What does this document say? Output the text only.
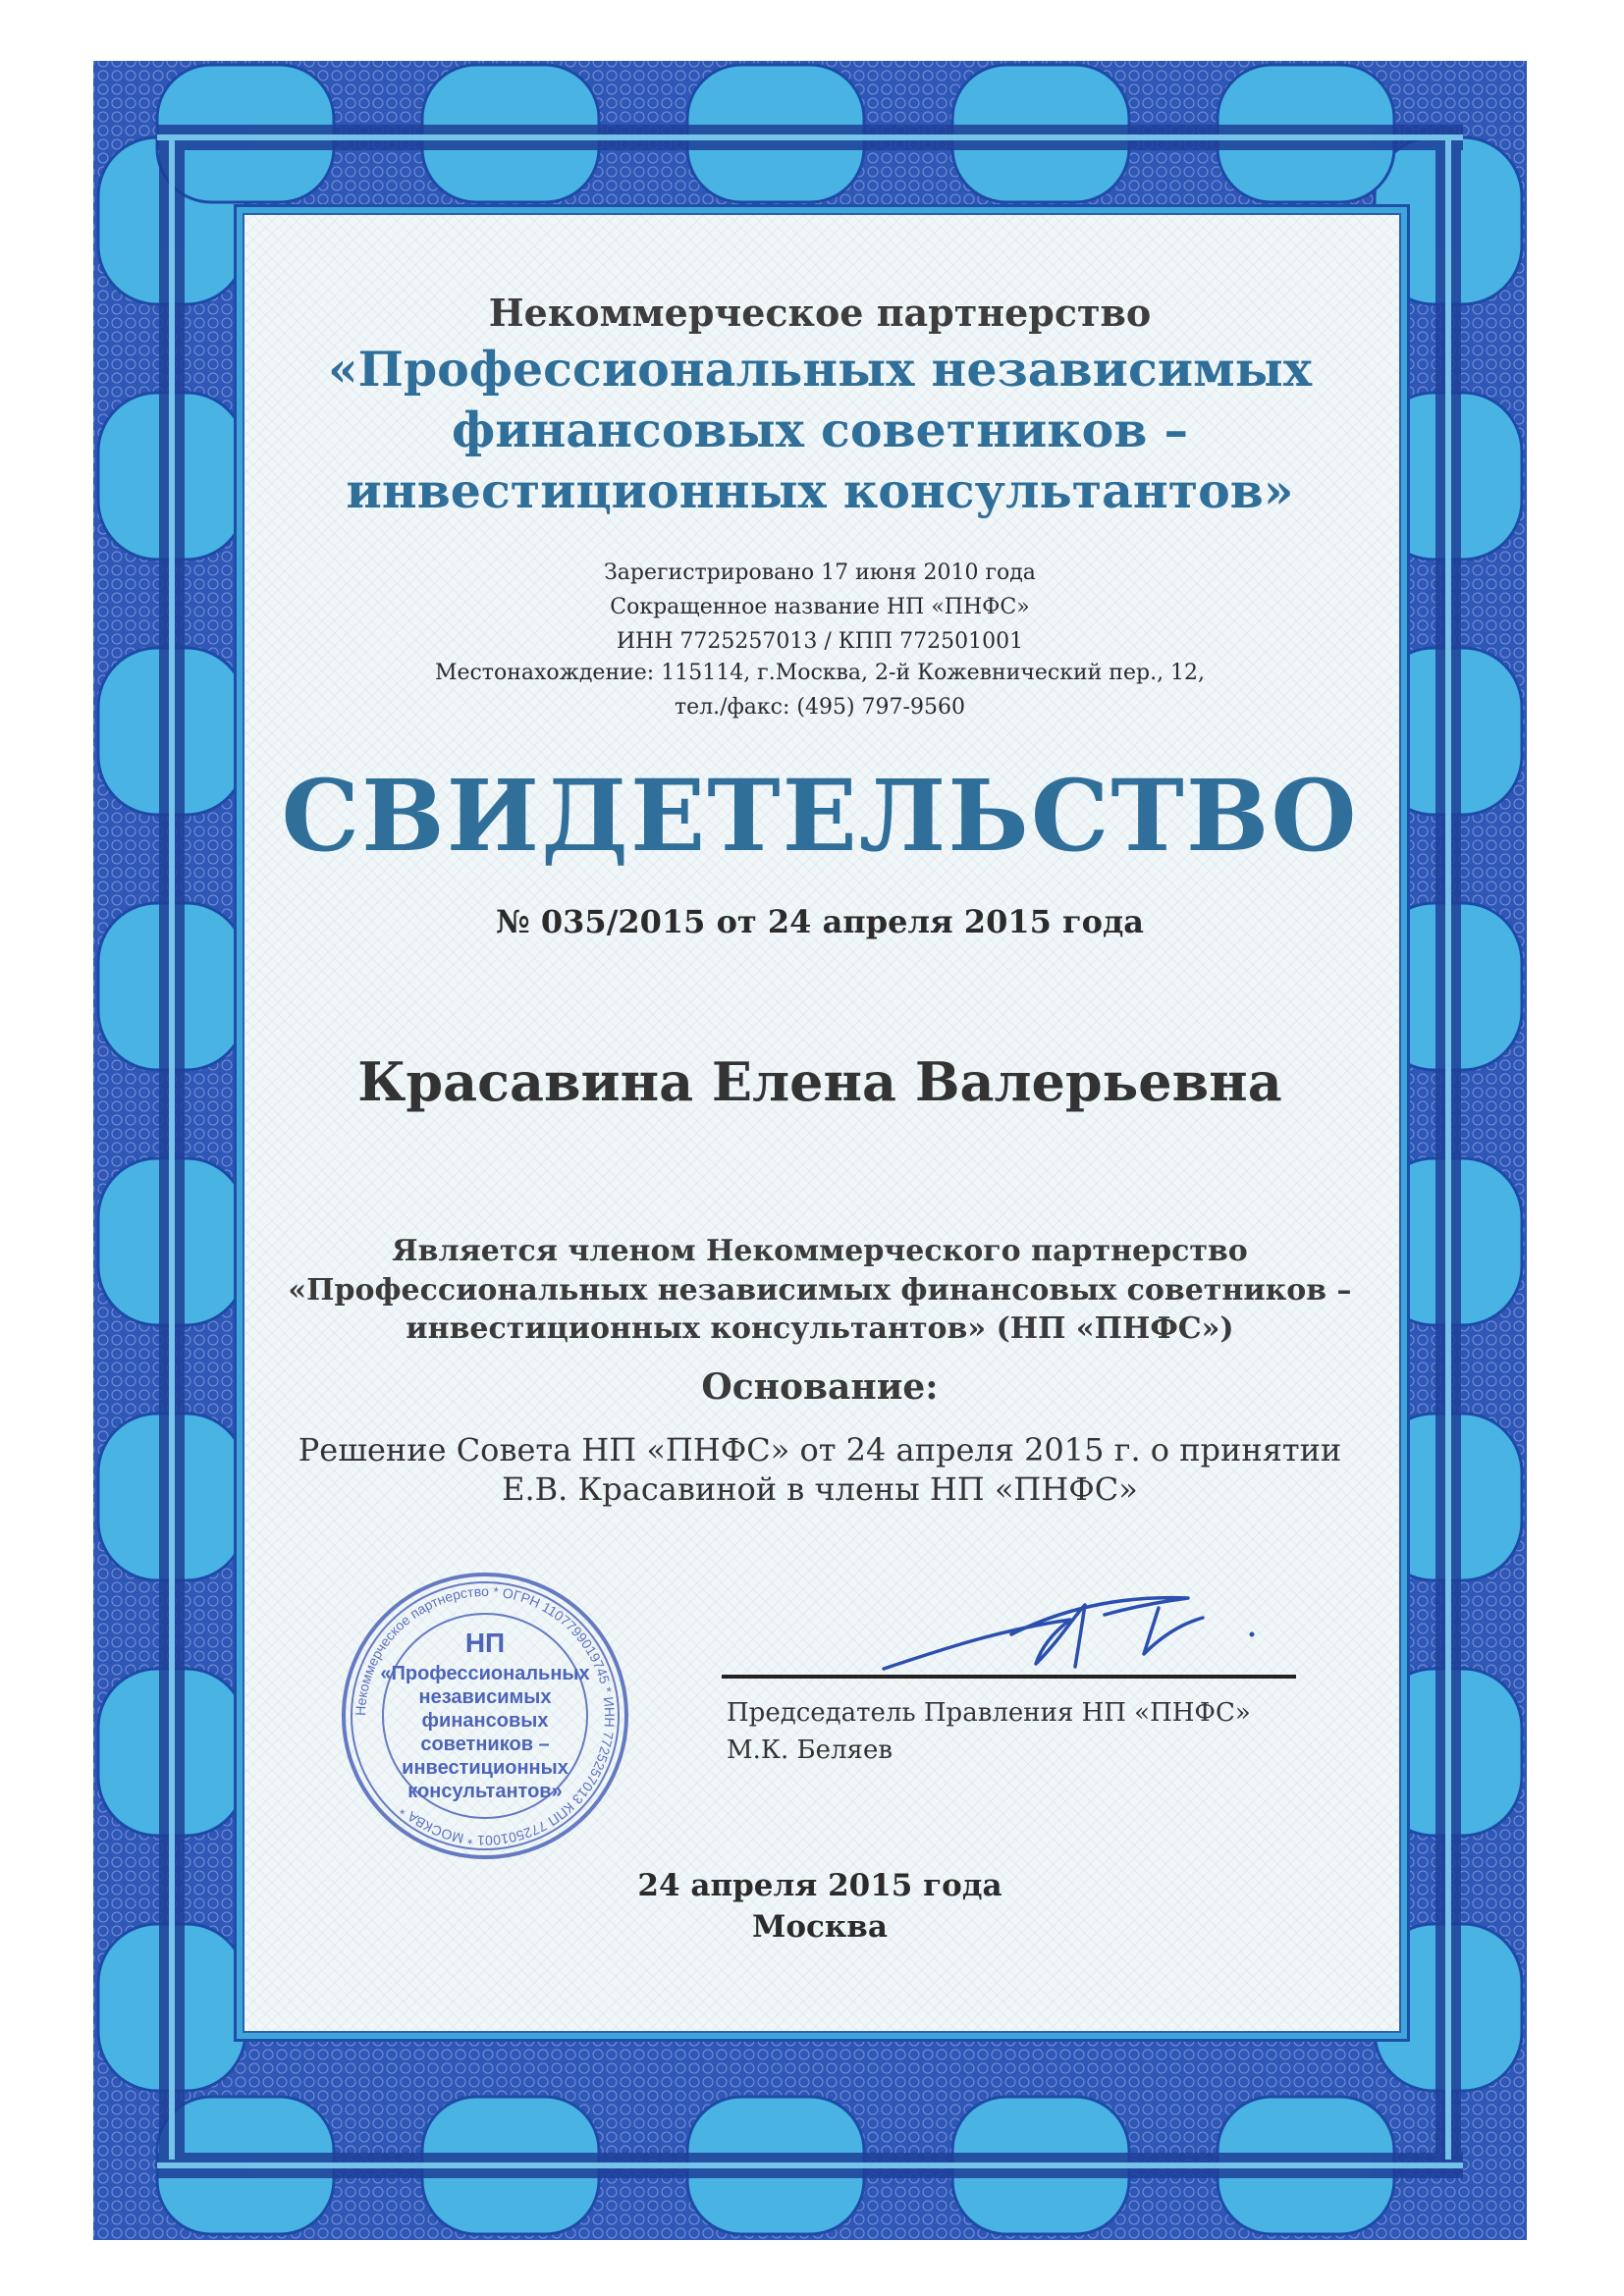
Некоммерческое партнерство
«Профессиональных независимых
финансовых советников –
инвестиционных консультантов»
Зарегистрировано 17 июня 2010 года
Сокращенное название НП «ПНФС»
ИНН 7725257013 / КПП 772501001
Местонахождение: 115114, г.Москва, 2-й Кожевнический пер., 12,
тел./факс: (495) 797-9560
СВИДЕТЕЛЬСТВО
№ 035/2015 от 24 апреля 2015 года
Красавина Елена Валерьевна
Является членом Некоммерческого партнерство
«Профессиональных независимых финансовых советников –
инвестиционных консультантов» (НП «ПНФС»)
Основание:
Решение Совета НП «ПНФС» от 24 апреля 2015 г. о принятии
Е.В. Красавиной в члены НП «ПНФС»
Некоммерческое партнерство * ОГРН 1107799019745 * ИНН 7725257013 КПП 772501001 * МОСКВА *
НП
«Профессиональных
независимых
финансовых
советников –
инвестиционных
консультантов»
Председатель Правления НП «ПНФС»
М.К. Беляев
24 апреля 2015 года
Москва
